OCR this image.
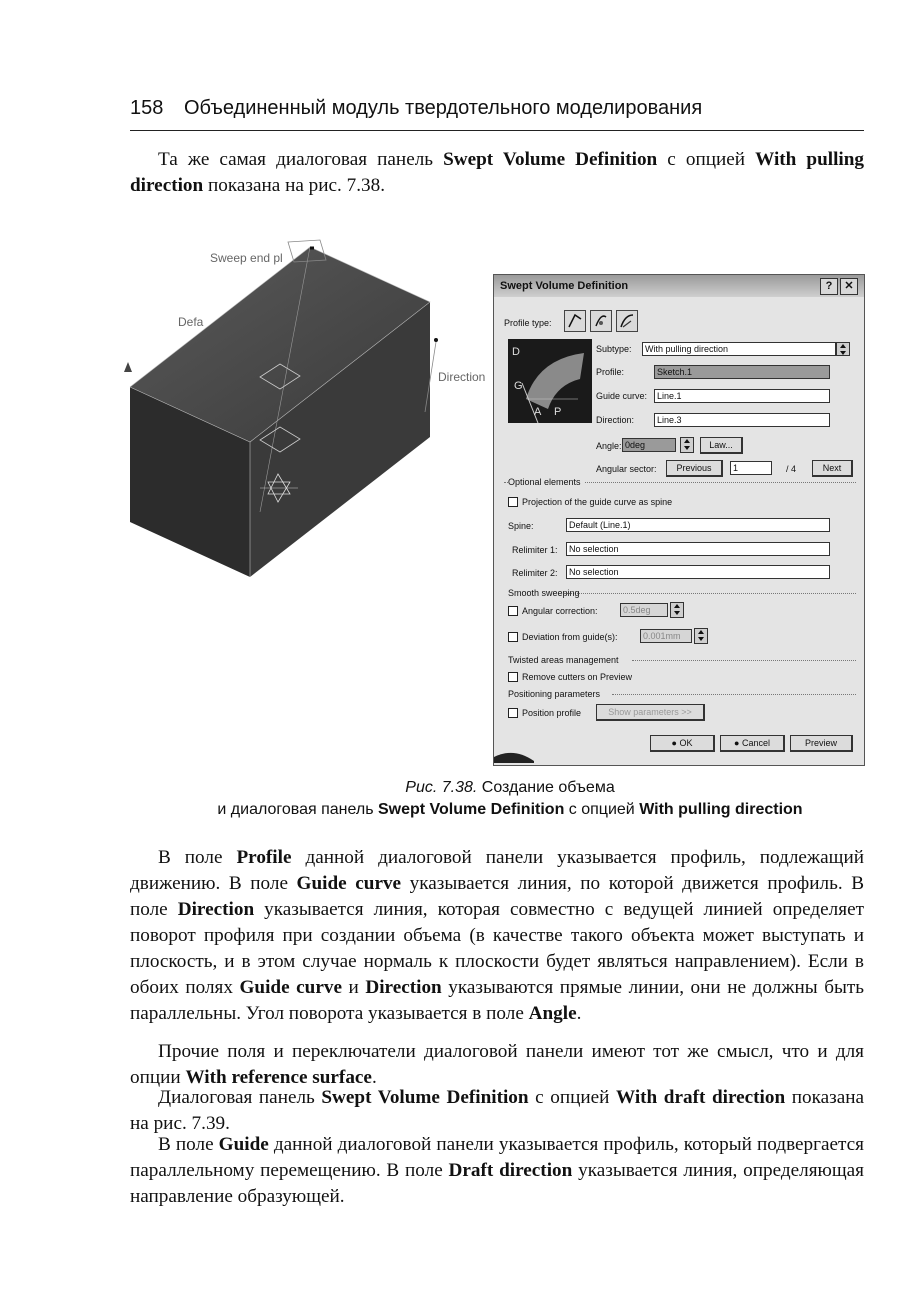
158 Объединенный модуль твердотельного моделирования
Та же самая диалоговая панель Swept Volume Definition с опцией With pulling direction показана на рис. 7.38.
Sweep end pl
Defa
Direction
Swept Volume Definition	?	✕
Profile type:
D
G
A P
Subtype:	With pulling direction
Profile:	Sketch.1
Guide curve:	Line.1
Direction:	Line.3
Angle: 0deg	Law...
Angular sector:	Previous	1	/ 4	Next
Optional elements
Projection of the guide curve as spine
Spine:	Default (Line.1)
Relimiter 1:	No selection
Relimiter 2:	No selection
Smooth sweeping
Angular correction:	0.5deg
Deviation from guide(s):	0.001mm
Twisted areas management
Remove cutters on Preview
Positioning parameters
Position profile	Show parameters >>
● OK	● Cancel	Preview
Рис. 7.38. Создание объема
и диалоговая панель Swept Volume Definition с опцией With pulling direction
В поле Profile данной диалоговой панели указывается профиль, подлежащий движению. В поле Guide curve указывается линия, по которой движется профиль. В поле Direction указывается линия, которая совместно с ведущей линией определяет поворот профиля при создании объема (в качестве такого объекта может выступать и плоскость, и в этом случае нормаль к плоскости будет являться направлением). Если в обоих полях Guide curve и Direction указываются прямые линии, они не должны быть параллельны. Угол поворота указывается в поле Angle.
Прочие поля и переключатели диалоговой панели имеют тот же смысл, что и для опции With reference surface.
Диалоговая панель Swept Volume Definition с опцией With draft direction показана на рис. 7.39.
В поле Guide данной диалоговой панели указывается профиль, который подвергается параллельному перемещению. В поле Draft direction указывается линия, определяющая направление образующей.
